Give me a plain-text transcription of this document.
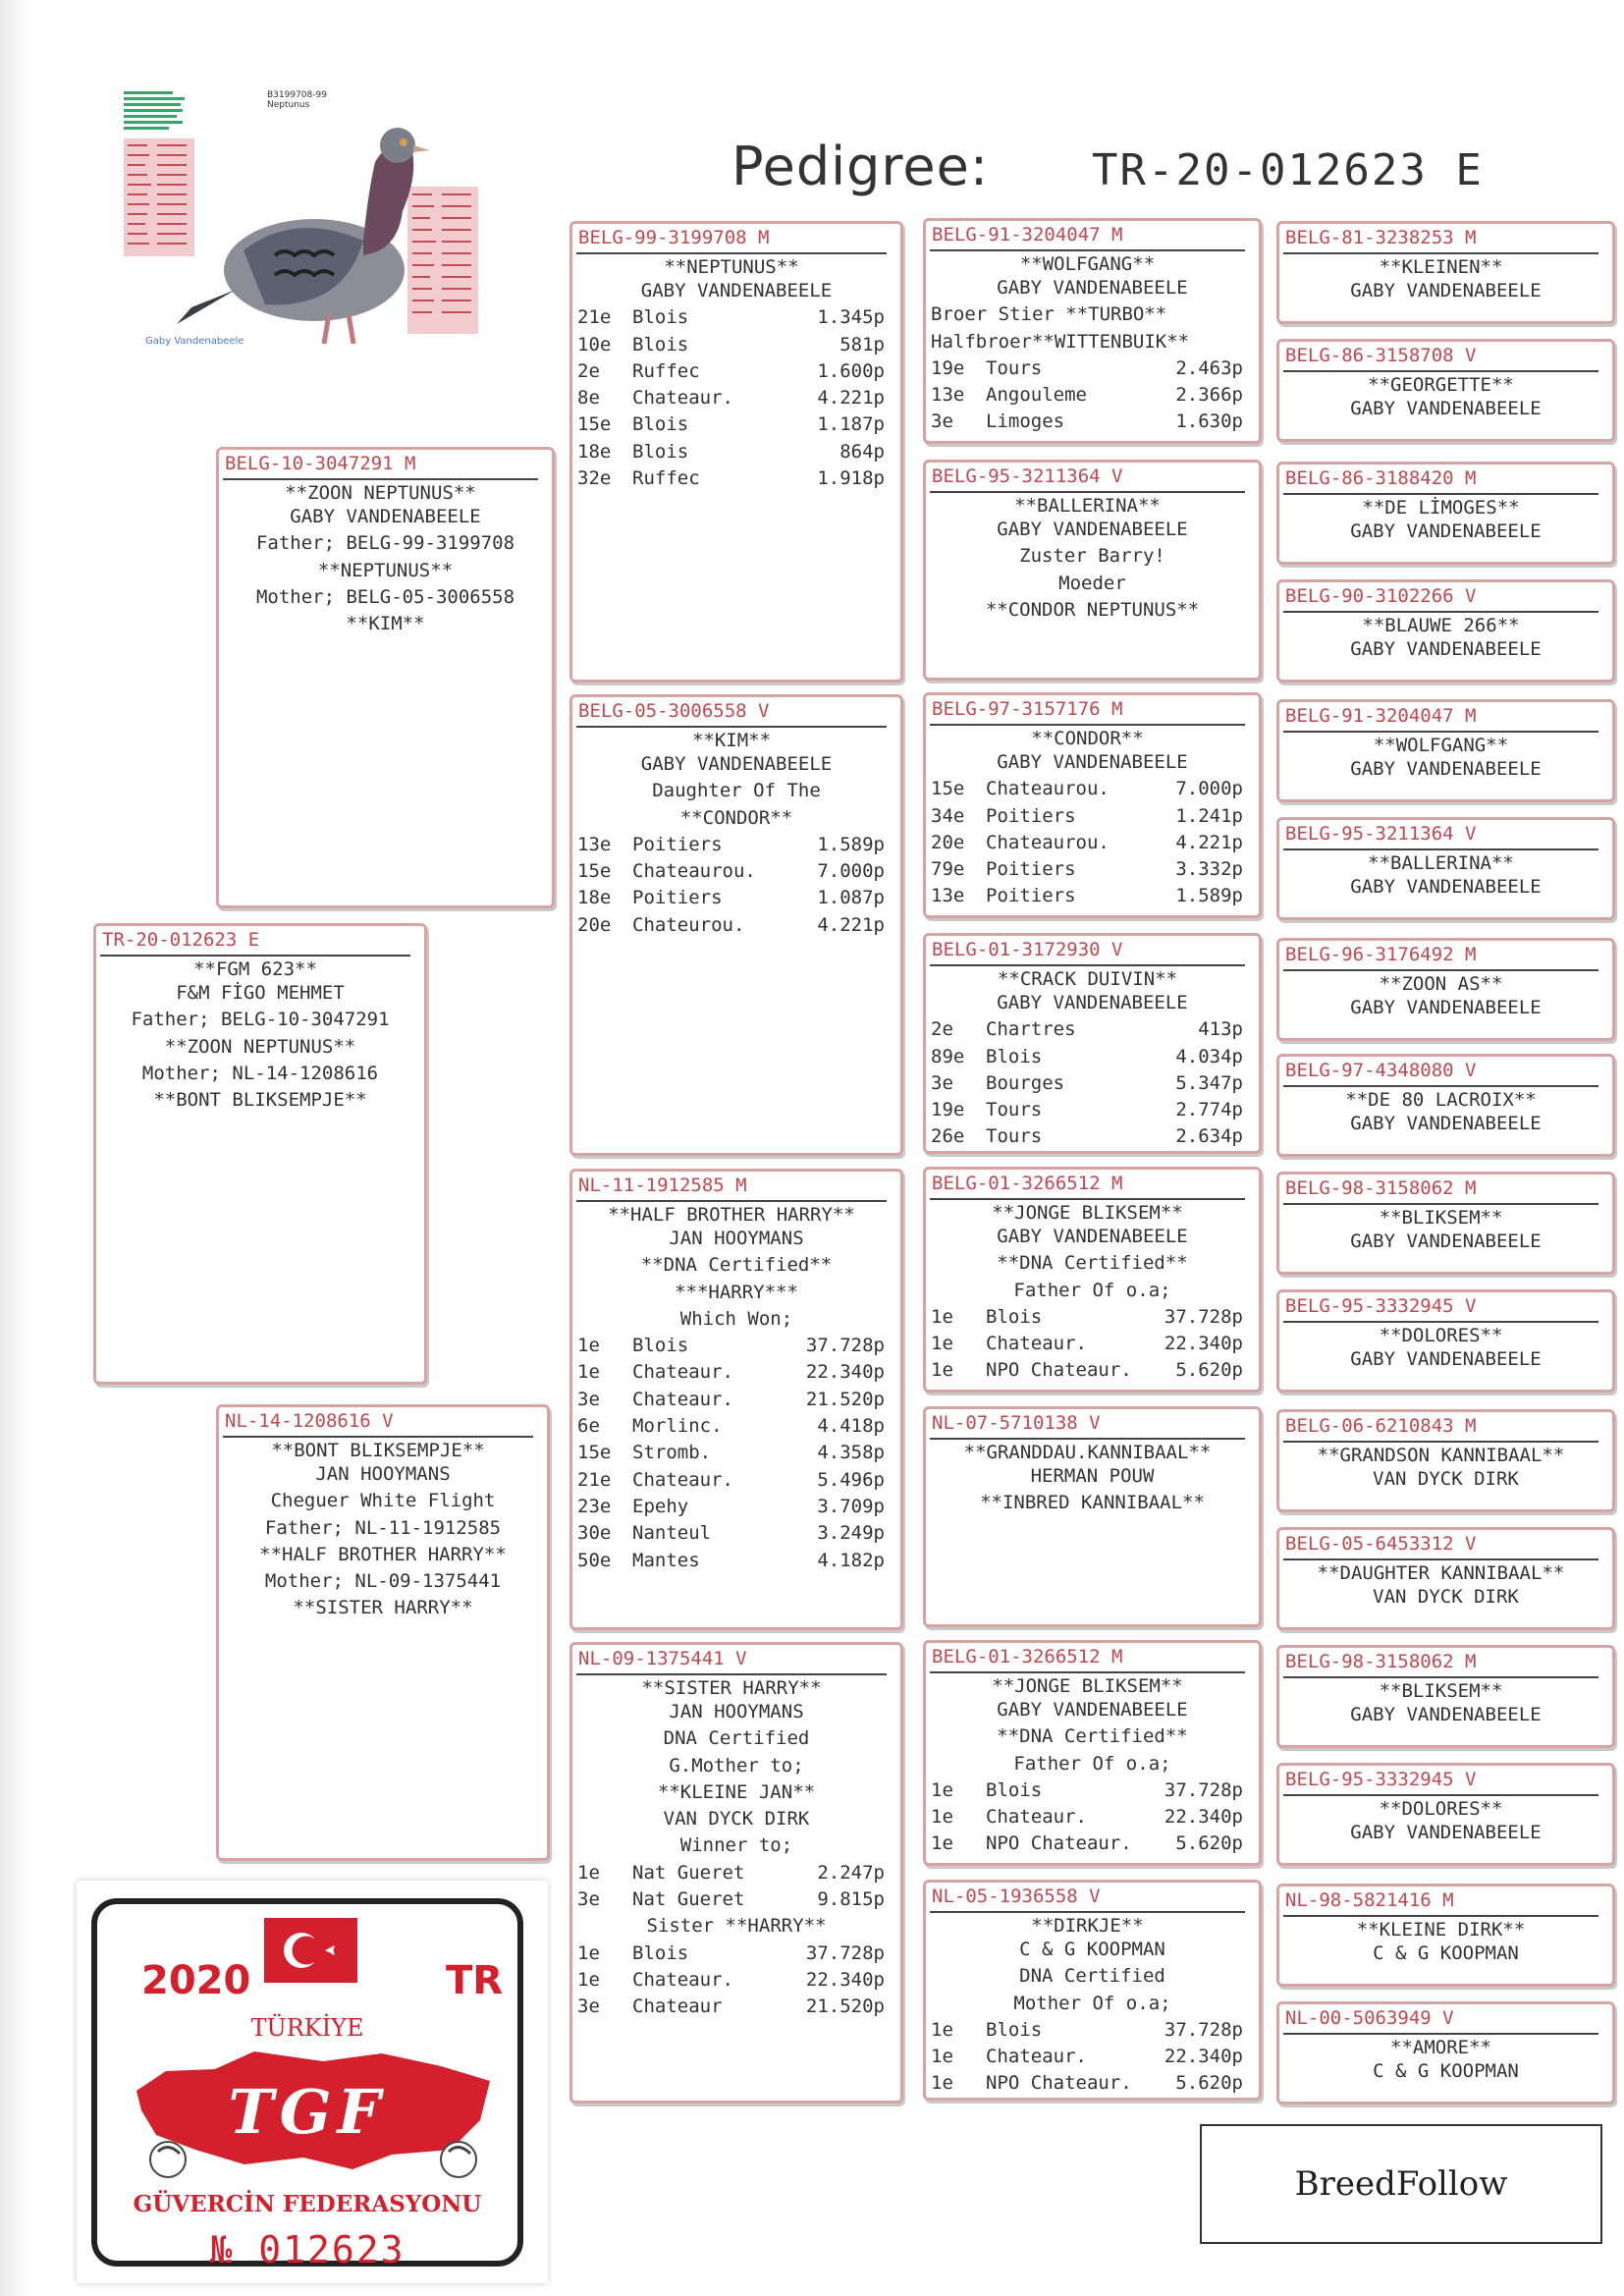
B3199708-99
Neptunus
Gaby Vandenabeele
Pedigree: TR-20-012623 E
TR-20-012623 E
**FGM 623**
F&M FİGO MEHMET
Father; BELG-10-3047291
**ZOON NEPTUNUS**
Mother; NL-14-1208616
**BONT BLIKSEMPJE**
BELG-10-3047291 M
**ZOON NEPTUNUS**
GABY VANDENABEELE
Father; BELG-99-3199708
**NEPTUNUS**
Mother; BELG-05-3006558
**KIM**
NL-14-1208616 V
**BONT BLIKSEMPJE**
JAN HOOYMANS
Cheguer White Flight
Father; NL-11-1912585
**HALF BROTHER HARRY**
Mother; NL-09-1375441
**SISTER HARRY**
BELG-99-3199708 M
**NEPTUNUS**
GABY VANDENABEELE
21e	Blois	1.345p
10e	Blois	581p
2e	Ruffec	1.600p
8e	Chateaur.	4.221p
15e	Blois	1.187p
18e	Blois	864p
32e	Ruffec	1.918p
BELG-05-3006558 V
**KIM**
GABY VANDENABEELE
Daughter Of The
**CONDOR**
13e	Poitiers	1.589p
15e	Chateaurou.	7.000p
18e	Poitiers	1.087p
20e	Chateurou.	4.221p
NL-11-1912585 M
**HALF BROTHER HARRY**
JAN HOOYMANS
**DNA Certified**
***HARRY***
Which Won;
1e	Blois	37.728p
1e	Chateaur.	22.340p
3e	Chateaur.	21.520p
6e	Morlinc.	4.418p
15e	Stromb.	4.358p
21e	Chateaur.	5.496p
23e	Epehy	3.709p
30e	Nanteul	3.249p
50e	Mantes	4.182p
NL-09-1375441 V
**SISTER HARRY**
JAN HOOYMANS
DNA Certified
G.Mother to;
**KLEINE JAN**
VAN DYCK DIRK
Winner to;
1e	Nat Gueret	2.247p
3e	Nat Gueret	9.815p
Sister **HARRY**
1e	Blois	37.728p
1e	Chateaur.	22.340p
3e	Chateaur	21.520p
BELG-91-3204047 M
**WOLFGANG**
GABY VANDENABEELE
Broer Stier **TURBO**
Halfbroer**WITTENBUIK**
19e	Tours	2.463p
13e	Angouleme	2.366p
3e	Limoges	1.630p
BELG-95-3211364 V
**BALLERINA**
GABY VANDENABEELE
Zuster Barry!
Moeder
**CONDOR NEPTUNUS**
BELG-97-3157176 M
**CONDOR**
GABY VANDENABEELE
15e	Chateaurou.	7.000p
34e	Poitiers	1.241p
20e	Chateaurou.	4.221p
79e	Poitiers	3.332p
13e	Poitiers	1.589p
BELG-01-3172930 V
**CRACK DUIVIN**
GABY VANDENABEELE
2e	Chartres	413p
89e	Blois	4.034p
3e	Bourges	5.347p
19e	Tours	2.774p
26e	Tours	2.634p
BELG-01-3266512 M
**JONGE BLIKSEM**
GABY VANDENABEELE
**DNA Certified**
Father Of o.a;
1e	Blois	37.728p
1e	Chateaur.	22.340p
1e	NPO Chateaur.	5.620p
NL-07-5710138 V
**GRANDDAU.KANNIBAAL**
HERMAN POUW
**INBRED KANNIBAAL**
BELG-01-3266512 M
**JONGE BLIKSEM**
GABY VANDENABEELE
**DNA Certified**
Father Of o.a;
1e	Blois	37.728p
1e	Chateaur.	22.340p
1e	NPO Chateaur.	5.620p
NL-05-1936558 V
**DIRKJE**
C & G KOOPMAN
DNA Certified
Mother Of o.a;
1e	Blois	37.728p
1e	Chateaur.	22.340p
1e	NPO Chateaur.	5.620p
BELG-81-3238253 M
**KLEINEN**
GABY VANDENABEELE
BELG-86-3158708 V
**GEORGETTE**
GABY VANDENABEELE
BELG-86-3188420 M
**DE LİMOGES**
GABY VANDENABEELE
BELG-90-3102266 V
**BLAUWE 266**
GABY VANDENABEELE
BELG-91-3204047 M
**WOLFGANG**
GABY VANDENABEELE
BELG-95-3211364 V
**BALLERINA**
GABY VANDENABEELE
BELG-96-3176492 M
**ZOON AS**
GABY VANDENABEELE
BELG-97-4348080 V
**DE 80 LACROIX**
GABY VANDENABEELE
BELG-98-3158062 M
**BLIKSEM**
GABY VANDENABEELE
BELG-95-3332945 V
**DOLORES**
GABY VANDENABEELE
BELG-06-6210843 M
**GRANDSON KANNIBAAL**
VAN DYCK DIRK
BELG-05-6453312 V
**DAUGHTER KANNIBAAL**
VAN DYCK DIRK
BELG-98-3158062 M
**BLIKSEM**
GABY VANDENABEELE
BELG-95-3332945 V
**DOLORES**
GABY VANDENABEELE
NL-98-5821416 M
**KLEINE DIRK**
C & G KOOPMAN
NL-00-5063949 V
**AMORE**
C & G KOOPMAN
2020	TR
TÜRKİYE
TGF
GÜVERCİN FEDERASYONU
№ 012623
BreedFollow
